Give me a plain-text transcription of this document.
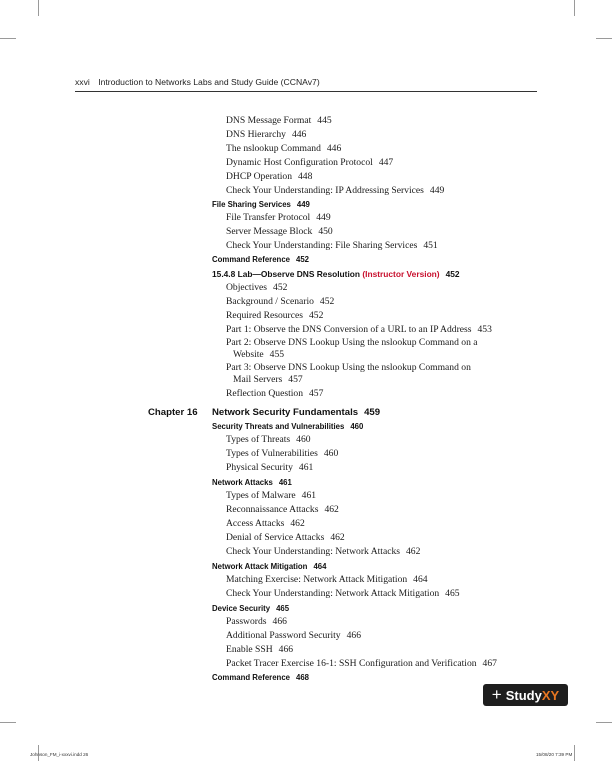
xxvi Introduction to Networks Labs and Study Guide (CCNAv7)
DNS Message Format 445
DNS Hierarchy 446
The nslookup Command 446
Dynamic Host Configuration Protocol 447
DHCP Operation 448
Check Your Understanding: IP Addressing Services 449
File Sharing Services 449
File Transfer Protocol 449
Server Message Block 450
Check Your Understanding: File Sharing Services 451
Command Reference 452
15.4.8 Lab—Observe DNS Resolution (Instructor Version) 452
Objectives 452
Background / Scenario 452
Required Resources 452
Part 1: Observe the DNS Conversion of a URL to an IP Address 453
Part 2: Observe DNS Lookup Using the nslookup Command on a
Website 455
Part 3: Observe DNS Lookup Using the nslookup Command on
Mail Servers 457
Reflection Question 457
Chapter 16 Network Security Fundamentals 459
Security Threats and Vulnerabilities 460
Types of Threats 460
Types of Vulnerabilities 460
Physical Security 461
Network Attacks 461
Types of Malware 461
Reconnaissance Attacks 462
Access Attacks 462
Denial of Service Attacks 462
Check Your Understanding: Network Attacks 462
Network Attack Mitigation 464
Matching Exercise: Network Attack Mitigation 464
Check Your Understanding: Network Attack Mitigation 465
Device Security 465
Passwords 466
Additional Password Security 466
Enable SSH 466
Packet Tracer Exercise 16-1: SSH Configuration and Verification 467
Command Reference 468
+ Study XY
Johnson_FM_i-xxxvi.indd 26	15/08/20 7:39 PM
